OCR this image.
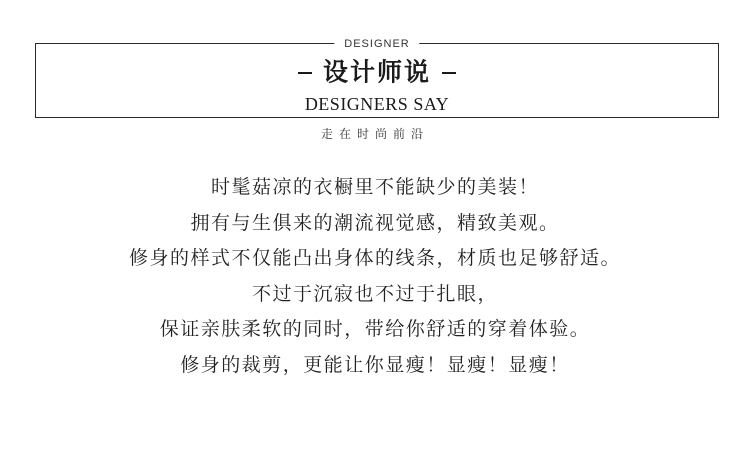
DESIGNER
设计师说
DESIGNERS SAY
走在时尚前沿
时髦菇凉的衣橱里不能缺少的美装！
拥有与生俱来的潮流视觉感，精致美观。
修身的样式不仅能凸出身体的线条，材质也足够舒适。
不过于沉寂也不过于扎眼，
保证亲肤柔软的同时，带给你舒适的穿着体验。
修身的裁剪，更能让你显瘦！显瘦！显瘦！
